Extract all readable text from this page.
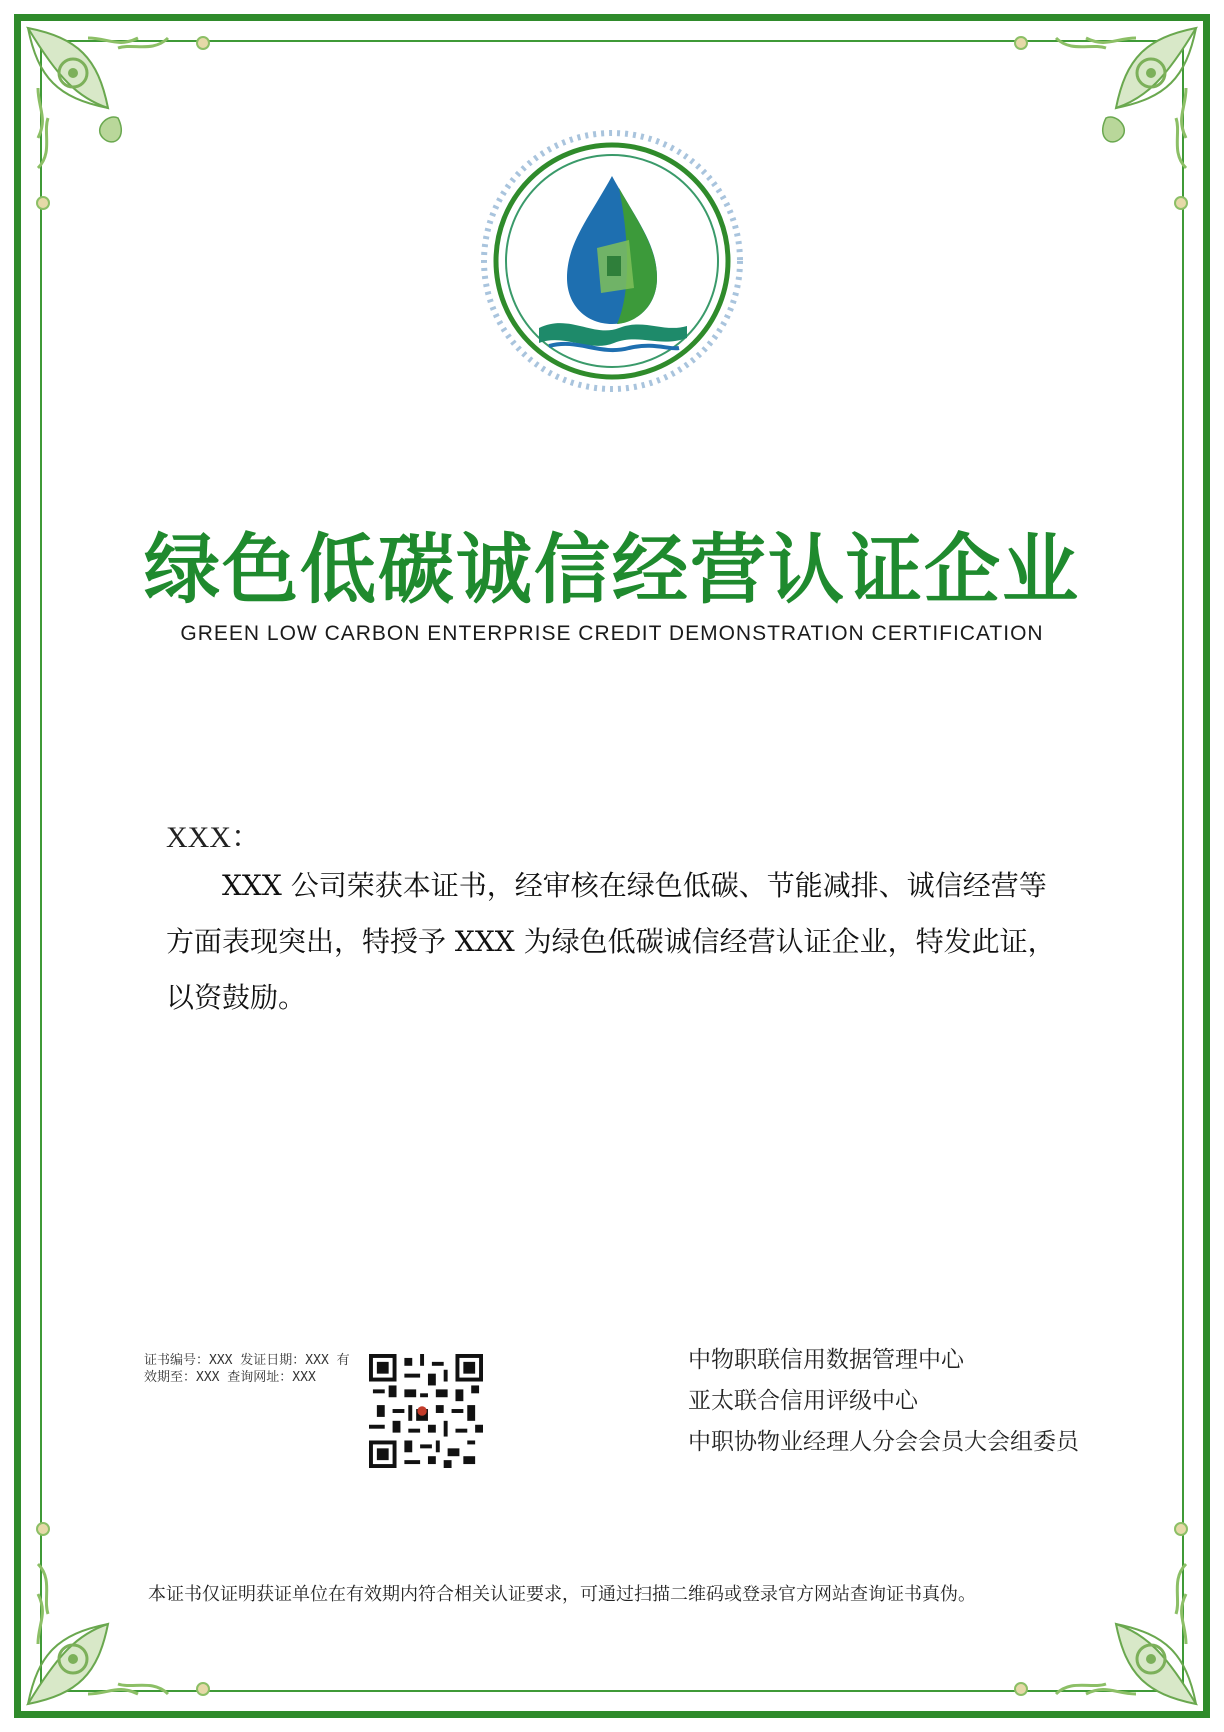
绿色低碳诚信经营认证企业
GREEN LOW CARBON ENTERPRISE CREDIT DEMONSTRATION CERTIFICATION
XXX：
XXX 公司荣获本证书，经审核在绿色低碳、节能减排、诚信经营等方面表现突出，特授予 XXX 为绿色低碳诚信经营认证企业，特发此证，以资鼓励。
证书编号：XXX 发证日期：XXX 有效期至：XXX 查询网址：XXX
中物职联信用数据管理中心
亚太联合信用评级中心
中职协物业经理人分会会员大会组委员
本证书仅证明获证单位在有效期内符合相关认证要求，可通过扫描二维码或登录官方网站查询证书真伪。
